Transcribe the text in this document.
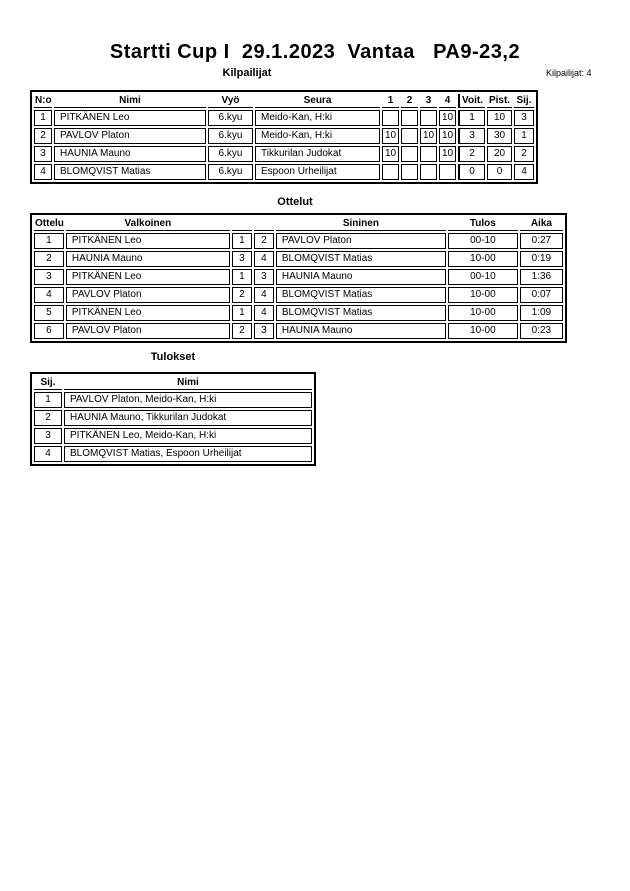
Startti Cup I  29.1.2023  Vantaa   PA9-23,2
Kilpailijat	Kilpailijat: 4
N:o	Nimi	Vyö	Seura	1	2	3	4	Voit.	Pist.	Sij.
1	PITKÄNEN Leo	6.kyu	Meido-Kan, H:ki				10	1	10	3
2	PAVLOV Platon	6.kyu	Meido-Kan, H:ki	10		10	10	3	30	1
3	HAUNIA Mauno	6.kyu	Tikkurilan Judokat	10			10	2	20	2
4	BLOMQVIST Matias	6.kyu	Espoon Urheilijat					0	0	4
Ottelut
Ottelu	Valkoinen			Sininen	Tulos	Aika
1	PITKÄNEN Leo	1	2	PAVLOV Platon	00-10	0:27
2	HAUNIA Mauno	3	4	BLOMQVIST Matias	10-00	0:19
3	PITKÄNEN Leo	1	3	HAUNIA Mauno	00-10	1:36
4	PAVLOV Platon	2	4	BLOMQVIST Matias	10-00	0:07
5	PITKÄNEN Leo	1	4	BLOMQVIST Matias	10-00	1:09
6	PAVLOV Platon	2	3	HAUNIA Mauno	10-00	0:23
Tulokset
Sij.	Nimi
1	PAVLOV Platon, Meido-Kan, H:ki
2	HAUNIA Mauno, Tikkurilan Judokat
3	PITKÄNEN Leo, Meido-Kan, H:ki
4	BLOMQVIST Matias, Espoon Urheilijat
